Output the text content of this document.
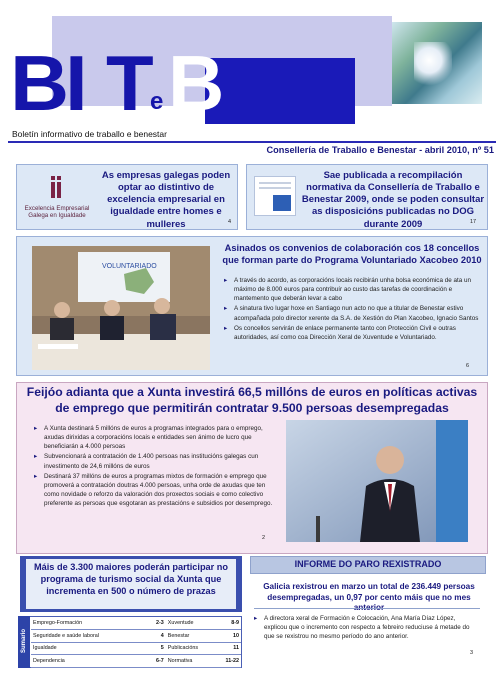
BI T
e B
Boletín informativo de traballo e benestar
Consellería de Traballo e Benestar - abril 2010, nº 51
Excelencia Empresarial
Galega en Igualdade
As empresas galegas poden optar ao distintivo de excelencia empresarial en igualdade entre homes e mulleres	4
Sae publicada a recompilación normativa da Consellería de Traballo e Benestar 2009, onde se poden consultar as disposicións publicadas no DOG durante 2009	17
VOLUNTARIADO
Asinados os convenios de colaboración cos 18 concellos que forman parte do Programa Voluntariado Xacobeo 2010
▸ A través do acordo, as corporacións locais recibirán unha bolsa económica de ata un máximo de 8.000 euros para contribuír ao custo das tarefas de coordinación e mantemento que deberán levar a cabo
▸ A sinatura tivo lugar hoxe en Santiago nun acto no que a titular de Benestar estivo acompañada polo director xerente da S.A. de Xestión do Plan Xacobeo, Ignacio Santos
▸ Os concellos servirán de enlace permanente tanto con Protección Civil e outras autoridades, así como coa Dirección Xeral de Xuventude e Voluntariado.
6
Feijóo adianta que a Xunta investirá 66,5 millóns de euros en políticas activas de emprego que permitirán contratar 9.500 persoas desempregadas
▸ A Xunta destinará 5 millóns de euros a programas integrados para o emprego, axudas dirixidas a corporacións locais e entidades sen ánimo de lucro que beneficiarán a 4.000 persoas
▸ Subvencionará a contratación de 1.400 persoas nas institucións galegas cun investimento de 24,6 millóns de euros
▸ Destinará 37 millóns de euros a programas mixtos de formación e emprego que promoverá a contratación doutras 4.000 persoas, unha orde de axudas que ten como novidade o reforzo da valoración dos proxectos sociais e como colectivo preferente as persoas que esgotaran as prestacións e subsidios por desemprego.
2
Máis de 3.300 maiores poderán participar no programa de turismo social da Xunta que incrementa en 500 o número de prazas
INFORME DO PARO REXISTRADO
Galicia rexistrou en marzo un total de 236.449 persoas desempregadas, un 0,97 por cento máis que no mes
▸ A directora xeral de Formación e Colocación, Ana María Díaz López, explicou que o incremento con respecto a febreiro reduciuse á metade do que se rexistrou no mesmo período do ano anterior.
3
Sumario
Emprego-Formación	2-3	Xuventude	8-9
Seguridade e saúde laboral	4	Benestar	10
Igualdade	5	Publicacións	11
Dependencia	6-7	Normativa	11-22
